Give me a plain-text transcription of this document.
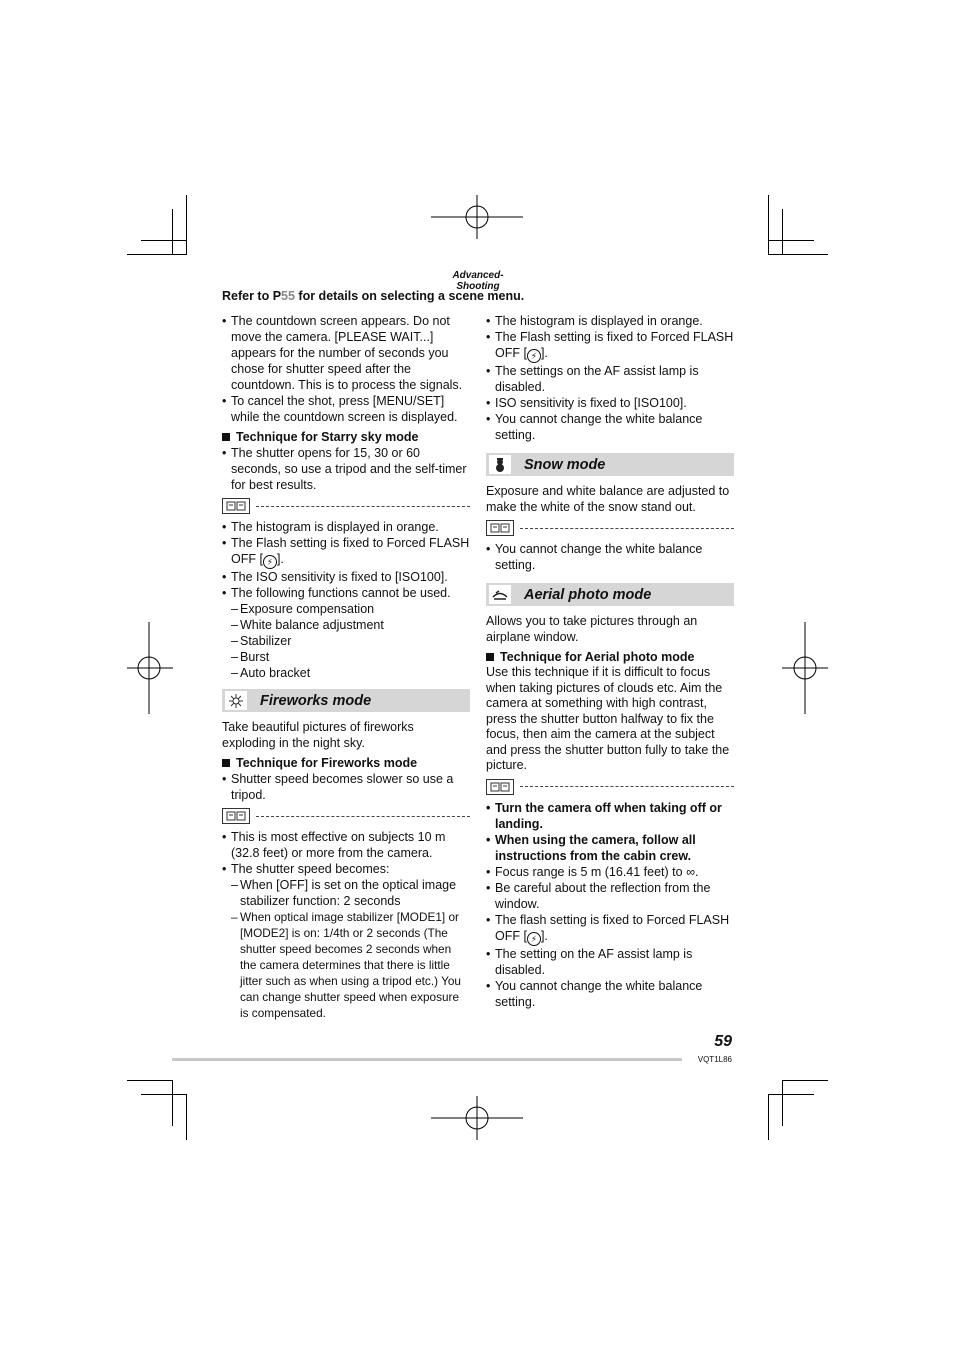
Advanced-Shooting
Refer to P55 for details on selecting a scene menu.

• The countdown screen appears. Do not move the camera. [PLEASE WAIT...] appears for the number of seconds you chose for shutter speed after the countdown. This is to process the signals.

• To cancel the shot, press [MENU/SET] while the countdown screen is displayed.

Technique for Starry sky mode

• The shutter opens for 15, 30 or 60 seconds, so use a tripod and the self-timer for best results.

• The histogram is displayed in orange.

• The Flash setting is fixed to Forced FLASH OFF [ ⚡ ].

• The ISO sensitivity is fixed to [ISO100].

• The following functions cannot be used.

– Exposure compensation

– White balance adjustment

– Stabilizer

– Burst

– Auto bracket

Fireworks mode

Take beautiful pictures of fireworks exploding in the night sky.

Technique for Fireworks mode

• Shutter speed becomes slower so use a tripod.

• This is most effective on subjects 10 m (32.8 feet) or more from the camera.

• The shutter speed becomes:

– When [OFF] is set on the optical image stabilizer function: 2 seconds

– When optical image stabilizer [MODE1] or [MODE2] is on: 1/4th or 2 seconds (The shutter speed becomes 2 seconds when the camera determines that there is little jitter such as when using a tripod etc.) You can change shutter speed when exposure is compensated.

• The histogram is displayed in orange.

• The Flash setting is fixed to Forced FLASH OFF [ ⚡ ].

• The settings on the AF assist lamp is disabled.

• ISO sensitivity is fixed to [ISO100].

• You cannot change the white balance setting.

Snow mode

Exposure and white balance are adjusted to make the white of the snow stand out.

• You cannot change the white balance setting.

Aerial photo mode

Allows you to take pictures through an airplane window.

Technique for Aerial photo mode

Use this technique if it is difficult to focus when taking pictures of clouds etc. Aim the camera at something with high contrast, press the shutter button halfway to fix the focus, then aim the camera at the subject and press the shutter button fully to take the picture.

• Turn the camera off when taking off or landing.

• When using the camera, follow all instructions from the cabin crew.

• Focus range is 5 m (16.41 feet) to ∞.

• Be careful about the reflection from the window.

• The flash setting is fixed to Forced FLASH OFF [ ⚡ ].

• The setting on the AF assist lamp is disabled.

• You cannot change the white balance setting.

59
VQT1L86
